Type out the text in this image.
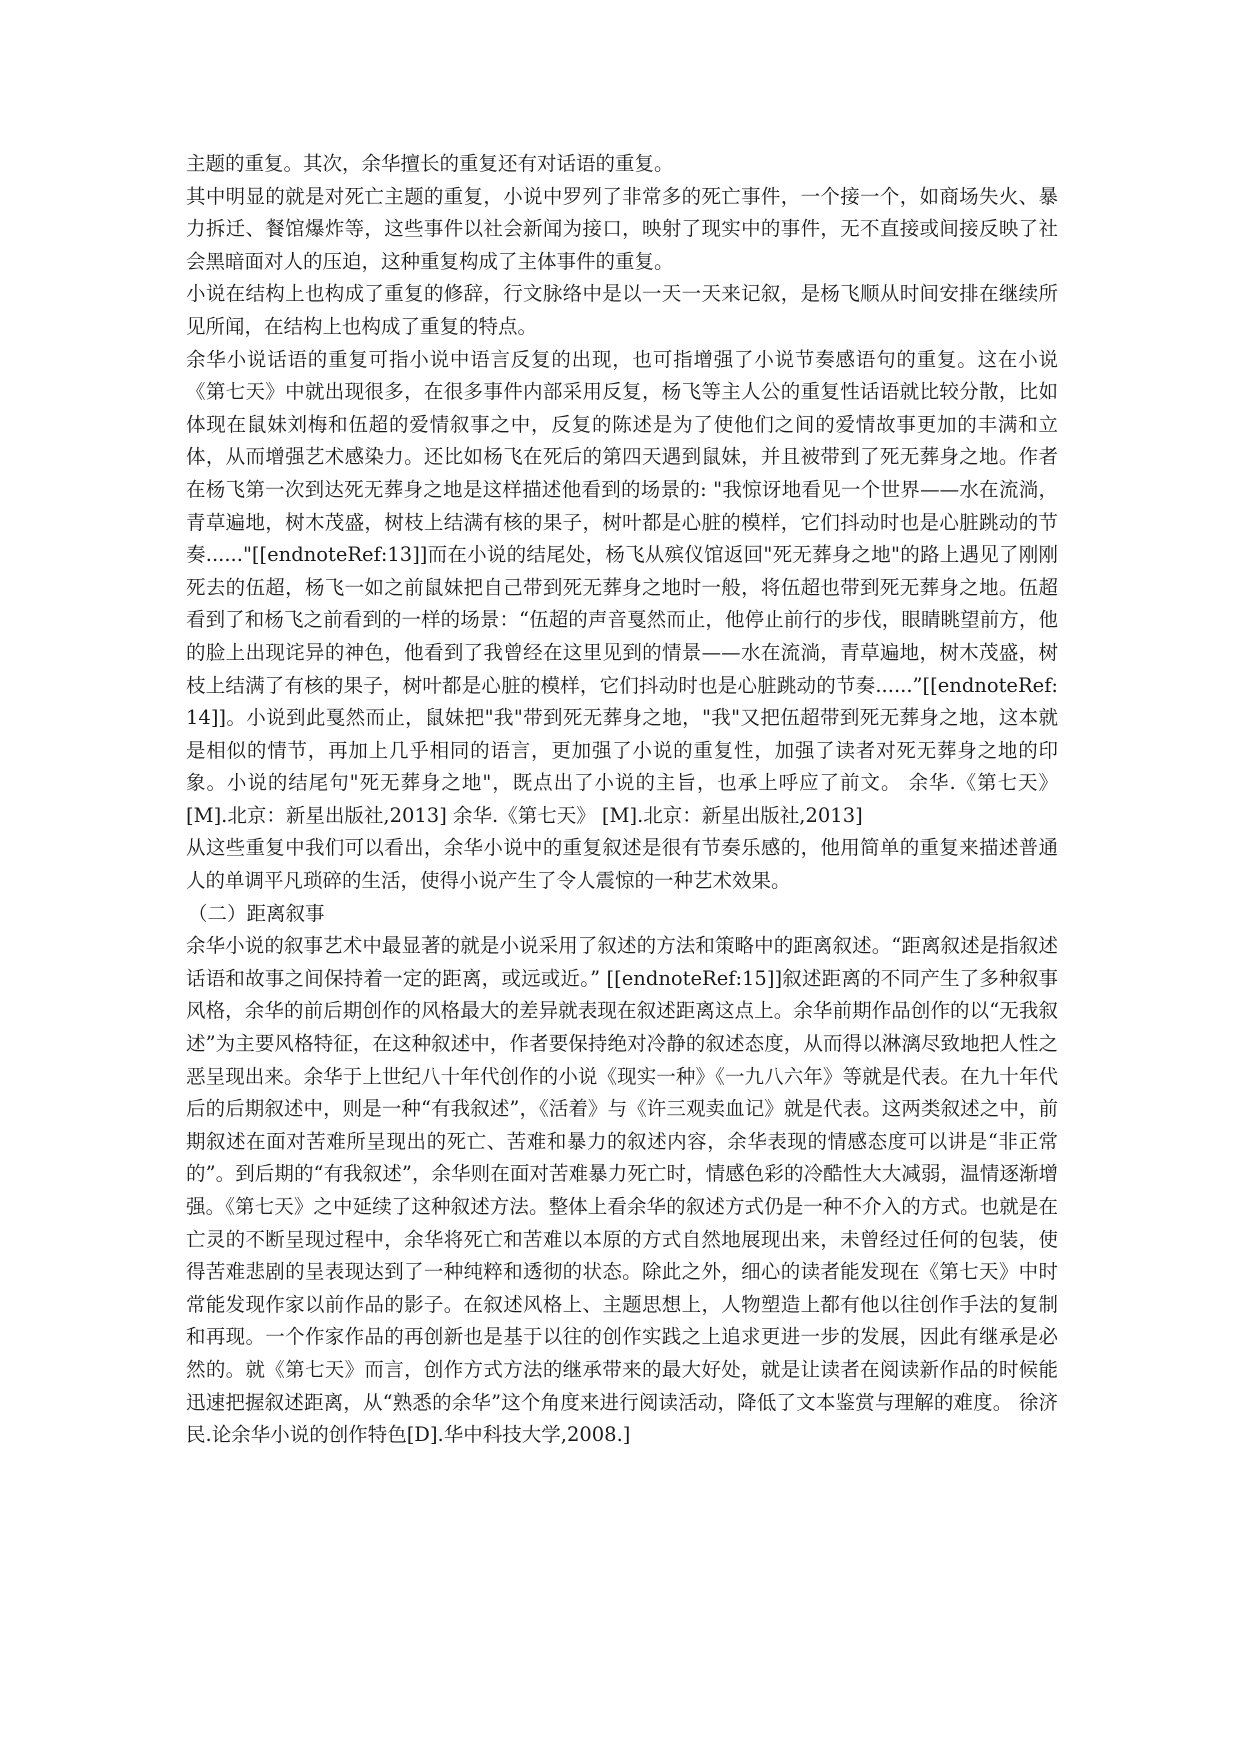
主题的重复。其次，余华擅长的重复还有对话语的重复。

其中明显的就是对死亡主题的重复，小说中罗列了非常多的死亡事件，一个接一个，如商场失火、暴力拆迁、餐馆爆炸等，这些事件以社会新闻为接口，映射了现实中的事件，无不直接或间接反映了社会黑暗面对人的压迫，这种重复构成了主体事件的重复。

小说在结构上也构成了重复的修辞，行文脉络中是以一天一天来记叙，是杨飞顺从时间安排在继续所见所闻，在结构上也构成了重复的特点。

余华小说话语的重复可指小说中语言反复的出现，也可指增强了小说节奏感语句的重复。这在小说《第七天》中就出现很多，在很多事件内部采用反复，杨飞等主人公的重复性话语就比较分散，比如体现在鼠妹刘梅和伍超的爱情叙事之中，反复的陈述是为了使他们之间的爱情故事更加的丰满和立体，从而增强艺术感染力。还比如杨飞在死后的第四天遇到鼠妹，并且被带到了死无葬身之地。作者在杨飞第一次到达死无葬身之地是这样描述他看到的场景的: "我惊讶地看见一个世界——水在流淌，青草遍地，树木茂盛，树枝上结满有核的果子，树叶都是心脏的模样，它们抖动时也是心脏跳动的节奏......"[[endnoteRef:13]]而在小说的结尾处，杨飞从殡仪馆返回"死无葬身之地"的路上遇见了刚刚死去的伍超，杨飞一如之前鼠妹把自己带到死无葬身之地时一般，将伍超也带到死无葬身之地。伍超看到了和杨飞之前看到的一样的场景：“伍超的声音戛然而止，他停止前行的步伐，眼睛眺望前方，他的脸上出现诧异的神色，他看到了我曾经在这里见到的情景——水在流淌，青草遍地，树木茂盛，树枝上结满了有核的果子，树叶都是心脏的模样，它们抖动时也是心脏跳动的节奏......”[[endnoteRef:14]]。小说到此戛然而止，鼠妹把"我"带到死无葬身之地，"我"又把伍超带到死无葬身之地，这本就是相似的情节，再加上几乎相同的语言，更加强了小说的重复性，加强了读者对死无葬身之地的印象。小说的结尾句"死无葬身之地"，既点出了小说的主旨，也承上呼应了前文。 余华.《第七天》 [M].北京：新星出版社,2013] 余华.《第七天》 [M].北京：新星出版社,2013]

从这些重复中我们可以看出，余华小说中的重复叙述是很有节奏乐感的，他用简单的重复来描述普通人的单调平凡琐碎的生活，使得小说产生了令人震惊的一种艺术效果。

（二）距离叙事

余华小说的叙事艺术中最显著的就是小说采用了叙述的方法和策略中的距离叙述。“距离叙述是指叙述话语和故事之间保持着一定的距离，或远或近。” [[endnoteRef:15]]叙述距离的不同产生了多种叙事风格，余华的前后期创作的风格最大的差异就表现在叙述距离这点上。余华前期作品创作的以“无我叙述”为主要风格特征，在这种叙述中，作者要保持绝对冷静的叙述态度，从而得以淋漓尽致地把人性之恶呈现出来。余华于上世纪八十年代创作的小说《现实一种》《一九八六年》等就是代表。在九十年代后的后期叙述中，则是一种“有我叙述”，《活着》与《许三观卖血记》就是代表。这两类叙述之中，前期叙述在面对苦难所呈现出的死亡、苦难和暴力的叙述内容，余华表现的情感态度可以讲是“非正常的”。到后期的“有我叙述”，余华则在面对苦难暴力死亡时，情感色彩的冷酷性大大减弱，温情逐渐增强。《第七天》之中延续了这种叙述方法。整体上看余华的叙述方式仍是一种不介入的方式。也就是在亡灵的不断呈现过程中，余华将死亡和苦难以本原的方式自然地展现出来，未曾经过任何的包装，使得苦难悲剧的呈表现达到了一种纯粹和透彻的状态。除此之外，细心的读者能发现在《第七天》中时常能发现作家以前作品的影子。在叙述风格上、主题思想上，人物塑造上都有他以往创作手法的复制和再现。一个作家作品的再创新也是基于以往的创作实践之上追求更进一步的发展，因此有继承是必然的。就《第七天》而言，创作方式方法的继承带来的最大好处，就是让读者在阅读新作品的时候能迅速把握叙述距离，从“熟悉的余华”这个角度来进行阅读活动，降低了文本鉴赏与理解的难度。 徐济民.论余华小说的创作特色[D].华中科技大学,2008.]
